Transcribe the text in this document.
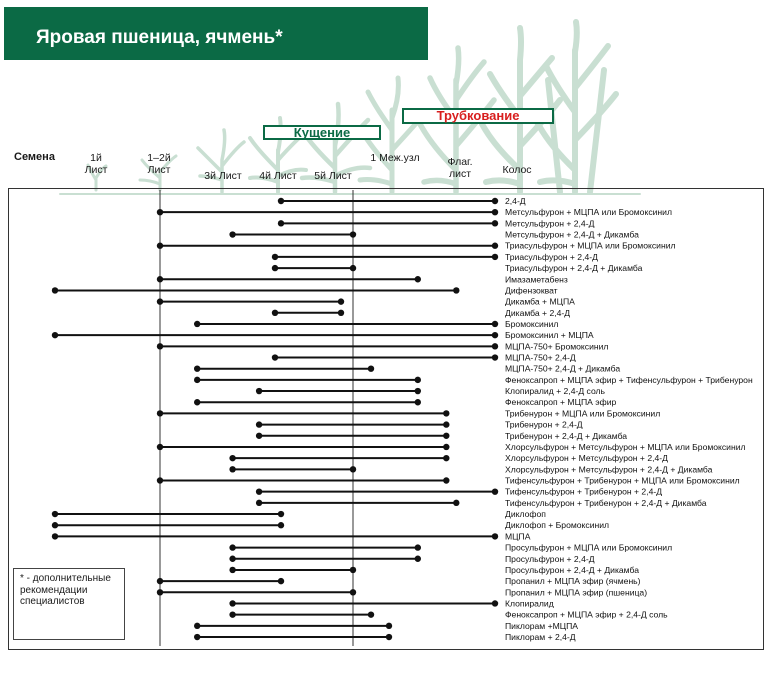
Яровая пшеница, ячмень*
Кущение
Трубкование
Семена	1й Лист
1–2й Лист	3й Лист 4й Лист 5й Лист
1 Меж.узл	Флаг. лист	Колос
2,4-Д
Метсульфурон + МЦПА или Бромоксинил
Метсульфурон + 2,4-Д
Метсульфурон + 2,4-Д + Дикамба
Триасульфурон + МЦПА или Бромоксинил
Триасульфурон + 2,4-Д
Триасульфурон + 2,4-Д + Дикамба
Имазаметабенз
Дифензокват
Дикамба + МЦПА
Дикамба + 2,4-Д
Бромоксинил
Бромоксинил + МЦПА
МЦПА-750+ Бромоксинил
МЦПА-750+ 2,4-Д
МЦПА-750+ 2,4-Д + Дикамба
Феноксапроп + МЦПА эфир + Тифенсульфурон + Трибенурон
Клопиралид + 2,4-Д соль
Феноксапроп + МЦПА эфир
Трибенурон + МЦПА или Бромоксинил
Трибенурон + 2,4-Д
Трибенурон + 2,4-Д + Дикамба
Хлорсульфурон + Метсульфурон + МЦПА или Бромоксинил
Хлорсульфурон + Метсульфурон + 2,4-Д
Хлорсульфурон + Метсульфурон + 2,4-Д + Дикамба
Тифенсульфурон + Трибенурон + МЦПА или Бромоксинил
Тифенсульфурон + Трибенурон + 2,4-Д
Тифенсульфурон + Трибенурон + 2,4-Д + Дикамба
Диклофоп
Диклофоп + Бромоксинил
МЦПА
Просульфурон + МЦПА или Бромоксинил
Просульфурон + 2,4-Д
Просульфурон + 2,4-Д + Дикамба
Пропанил + МЦПА эфир (ячмень)
Пропанил + МЦПА эфир (пшеница)
Клопиралид
Феноксапроп + МЦПА эфир + 2,4-Д соль
Пиклорам +МЦПА
Пиклорам + 2,4-Д
* - дополнительные рекомендации специалистов
